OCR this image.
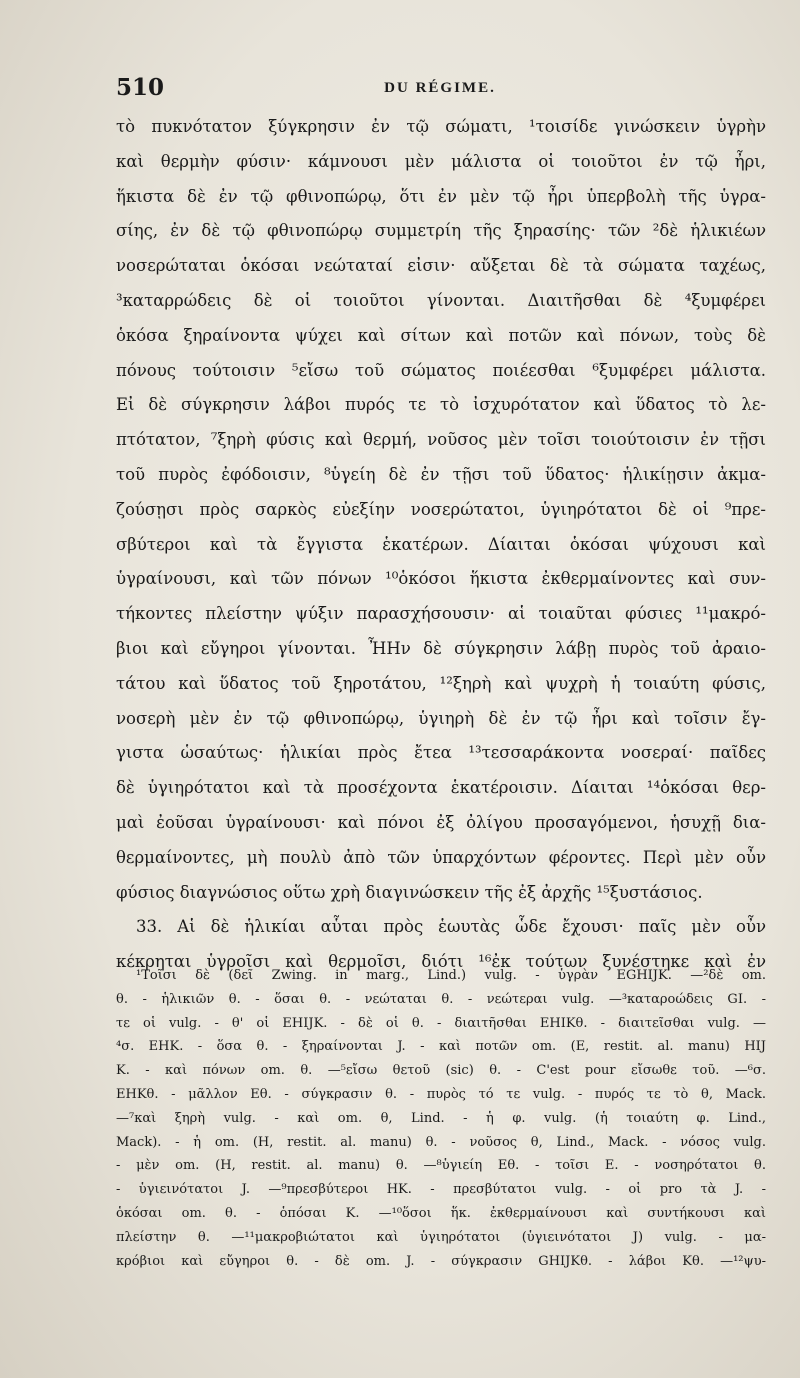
510	DU RÉGIME.
τὸ πυκνότατον ξύγκρησιν ἐν τῷ σώματι, ¹τοισίδε γινώσκειν ὑγρὴν
καὶ θερμὴν φύσιν· κάμνουσι μὲν μάλιστα οἱ τοιοῦτοι ἐν τῷ ἦρι,
ἥκιστα δὲ ἐν τῷ φθινοπώρῳ, ὅτι ἐν μὲν τῷ ἦρι ὑπερβολὴ τῆς ὑγρα-
σίης, ἐν δὲ τῷ φθινοπώρῳ συμμετρίη τῆς ξηρασίης· τῶν ²δὲ ἡλικιέων
νοσερώταται ὁκόσαι νεώταταί εἰσιν· αὔξεται δὲ τὰ σώματα ταχέως,
³καταρρώδεις δὲ οἱ τοιοῦτοι γίνονται. Διαιτῆσθαι δὲ ⁴ξυμφέρει
ὁκόσα ξηραίνοντα ψύχει καὶ σίτων καὶ ποτῶν καὶ πόνων, τοὺς δὲ
πόνους τούτοισιν ⁵εἴσω τοῦ σώματος ποιέεσθαι ⁶ξυμφέρει μάλιστα.
Εἰ δὲ σύγκρησιν λάβοι πυρός τε τὸ ἰσχυρότατον καὶ ὕδατος τὸ λε-
πτότατον, ⁷ξηρὴ φύσις καὶ θερμή, νοῦσος μὲν τοῖσι τοιούτοισιν ἐν τῇσι
τοῦ πυρὸς ἐφόδοισιν, ⁸ὑγείη δὲ ἐν τῇσι τοῦ ὕδατος· ἡλικίῃσιν ἀκμα-
ζούσῃσι πρὸς σαρκὸς εὐεξίην νοσερώτατοι, ὑγιηρότατοι δὲ οἱ ⁹πρε-
σβύτεροι καὶ τὰ ἔγγιστα ἑκατέρων. Δίαιται ὁκόσαι ψύχουσι καὶ
ὑγραίνουσι, καὶ τῶν πόνων ¹⁰ὁκόσοι ἥκιστα ἐκθερμαίνοντες καὶ συν-
τήκοντες πλείστην ψύξιν παρασχήσουσιν· αἱ τοιαῦται φύσιες ¹¹μακρό-
βιοι καὶ εὔγηροι γίνονται. ἮΗν δὲ σύγκρησιν λάβῃ πυρὸς τοῦ ἀραιο-
τάτου καὶ ὕδατος τοῦ ξηροτάτου, ¹²ξηρὴ καὶ ψυχρὴ ἡ τοιαύτη φύσις,
νοσερὴ μὲν ἐν τῷ φθινοπώρῳ, ὑγιηρὴ δὲ ἐν τῷ ἦρι καὶ τοῖσιν ἔγ-
γιστα ὡσαύτως· ἡλικίαι πρὸς ἔτεα ¹³τεσσαράκοντα νοσεραί· παῖδες
δὲ ὑγιηρότατοι καὶ τὰ προσέχοντα ἑκατέροισιν. Δίαιται ¹⁴ὁκόσαι θερ-
μαὶ ἐοῦσαι ὑγραίνουσι· καὶ πόνοι ἐξ ὀλίγου προσαγόμενοι, ἡσυχῇ δια-
θερμαίνοντες, μὴ πουλὺ ἀπὸ τῶν ὑπαρχόντων φέροντες. Περὶ μὲν οὖν
φύσιος διαγνώσιος οὕτω χρὴ διαγινώσκειν τῆς ἐξ ἀρχῆς ¹⁵ξυστάσιος.
33. Αἱ δὲ ἡλικίαι αὗται πρὸς ἑωυτὰς ὧδε ἔχουσι· παῖς μὲν οὖν
κέκρηται ὑγροῖσι καὶ θερμοῖσι, διότι ¹⁶ἐκ τούτων ξυνέστηκε καὶ ἐν
¹Τοῖσι δὲ (δεῖ Zwing. in marg., Lind.) vulg. - ὑγρὰν EGHIJK. —²δὲ om.
θ. - ἡλικιῶν θ. - ὅσαι θ. - νεώταται θ. - νεώτεραι vulg. —³καταροώδεις GI. -
τε οἱ vulg. - θ' οἱ EHIJK. - δὲ οἱ θ. - διαιτῆσθαι EHIKθ. - διαιτεῖσθαι vulg. —
⁴σ. EHK. - ὅσα θ. - ξηραίνονται J. - καὶ ποτῶν om. (E, restit. al. manu) HIJ
K. - καὶ πόνων om. θ. —⁵εἴσω θετοῦ (sic) θ. - C'est pour εἴσωθε τοῦ. —⁶σ.
EHKθ. - μᾶλλον Εθ. - σύγκρασιν θ. - πυρὸς τό τε vulg. - πυρός τε τὸ θ, Mack.
—⁷καὶ ξηρὴ vulg. - καὶ om. θ, Lind. - ἡ φ. vulg. (ἡ τοιαύτη φ. Lind.,
Mack). - ἡ om. (H, restit. al. manu) θ. - νοῦσος θ, Lind., Mack. - νόσος vulg.
- μὲν om. (H, restit. al. manu) θ. —⁸ὑγιείη Εθ. - τοῖσι E. - νοσηρότατοι θ.
- ὑγιεινότατοι J. —⁹πρεσβύτεροι HK. - πρεσβύτατοι vulg. - οἱ pro τὰ J. -
ὁκόσαι om. θ. - ὁπόσαι K. —¹⁰ὅσοι ἥκ. ἐκθερμαίνουσι καὶ συντήκουσι καὶ
πλείστην θ. —¹¹μακροβιώτατοι καὶ ὑγιηρότατοι (ὑγιεινότατοι J) vulg. - μα-
κρόβιοι καὶ εὔγηροι θ. - δὲ om. J. - σύγκρασιν GHIJKθ. - λάβοι Kθ. —¹²ψυ-
